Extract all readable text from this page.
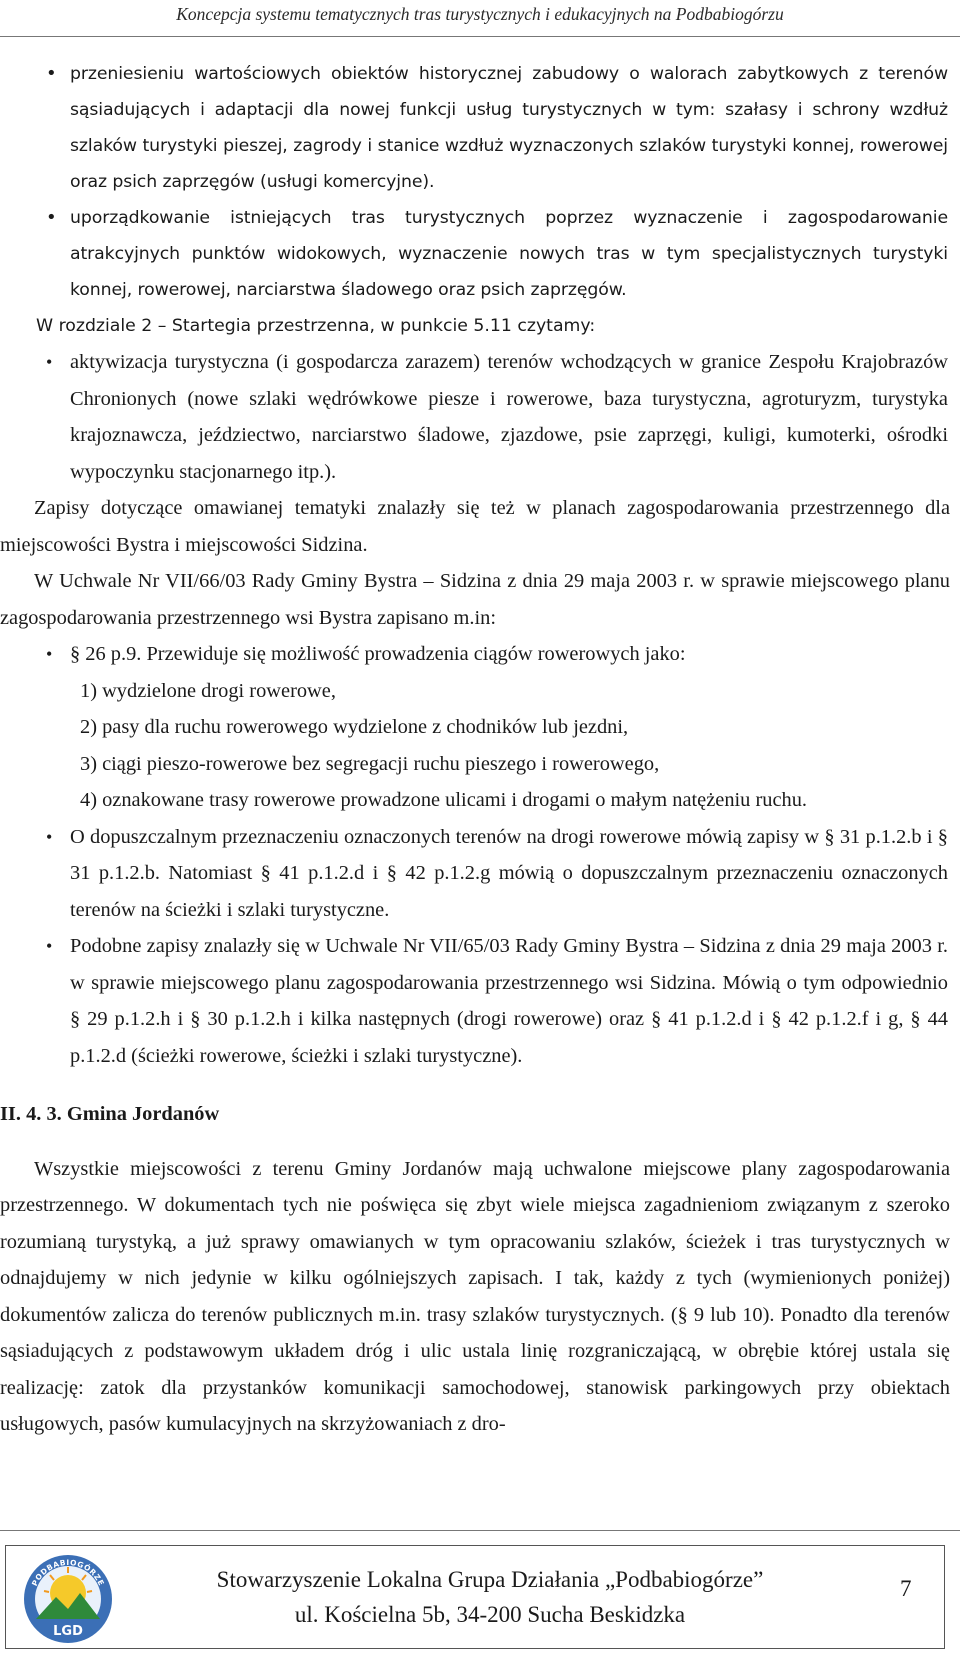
Koncepcja systemu tematycznych tras turystycznych i edukacyjnych na Podbabiogórzu

• przeniesieniu wartościowych obiektów historycznej zabudowy o walorach zabytkowych z terenów sąsiadujących i adaptacji dla nowej funkcji usług turystycznych w tym: szałasy i schrony wzdłuż szlaków turystyki pieszej, zagrody i stanice wzdłuż wyznaczonych szlaków turystyki konnej, rowerowej oraz psich zaprzęgów (usługi komercyjne).

• uporządkowanie istniejących tras turystycznych poprzez wyznaczenie i zagospodarowanie atrakcyjnych punktów widokowych, wyznaczenie nowych tras w tym specjalistycznych turystyki konnej, rowerowej, narciarstwa śladowego oraz psich zaprzęgów.

W rozdziale 2 – Startegia przestrzenna, w punkcie 5.11 czytamy:

• aktywizacja turystyczna (i gospodarcza zarazem) terenów wchodzących w granice Zespołu Krajobrazów Chronionych (nowe szlaki wędrówkowe piesze i rowerowe, baza turystyczna, agroturyzm, turystyka krajoznawcza, jeździectwo, narciarstwo śladowe, zjazdowe, psie zaprzęgi, kuligi, kumoterki, ośrodki wypoczynku stacjonarnego itp.).

Zapisy dotyczące omawianej tematyki znalazły się też w planach zagospodarowania przestrzennego dla miejscowości Bystra i miejscowości Sidzina.

W Uchwale Nr VII/66/03 Rady Gminy Bystra – Sidzina z dnia 29 maja 2003 r. w sprawie miejscowego planu zagospodarowania przestrzennego wsi Bystra zapisano m.in:

• § 26 p.9. Przewiduje się możliwość prowadzenia ciągów rowerowych jako:

1) wydzielone drogi rowerowe,

2) pasy dla ruchu rowerowego wydzielone z chodników lub jezdni,

3) ciągi pieszo-rowerowe bez segregacji ruchu pieszego i rowerowego,

4) oznakowane trasy rowerowe prowadzone ulicami i drogami o małym natężeniu ruchu.

• O dopuszczalnym przeznaczeniu oznaczonych terenów na drogi rowerowe mówią zapisy w § 31 p.1.2.b i § 31 p.1.2.b. Natomiast § 41 p.1.2.d i § 42 p.1.2.g mówią o dopuszczalnym przeznaczeniu oznaczonych terenów na ścieżki i szlaki turystyczne.

• Podobne zapisy znalazły się w Uchwale Nr VII/65/03 Rady Gminy Bystra – Sidzina z dnia 29 maja 2003 r. w sprawie miejscowego planu zagospodarowania przestrzennego wsi Sidzina. Mówią o tym odpowiednio § 29 p.1.2.h i § 30 p.1.2.h i kilka następnych (drogi rowerowe) oraz § 41 p.1.2.d i § 42 p.1.2.f i g, § 44 p.1.2.d (ścieżki rowerowe, ścieżki i szlaki turystyczne).

II. 4. 3. Gmina Jordanów

Wszystkie miejscowości z terenu Gminy Jordanów mają uchwalone miejscowe plany zagospodarowania przestrzennego. W dokumentach tych nie poświęca się zbyt wiele miejsca zagadnieniom związanym z szeroko rozumianą turystyką, a już sprawy omawianych w tym opracowaniu szlaków, ścieżek i tras turystycznych w odnajdujemy w nich jedynie w kilku ogólniejszych zapisach. I tak, każdy z tych (wymienionych poniżej) dokumentów zalicza do terenów publicznych m.in. trasy szlaków turystycznych. (§ 9 lub 10). Ponadto dla terenów sąsiadujących z podstawowym układem dróg i ulic ustala linię rozgraniczającą, w obrębie której ustala się realizację: zatok dla przystanków komunikacji samochodowej, stanowisk parkingowych przy obiektach usługowych, pasów kumulacyjnych na skrzyżowaniach z dro-

PODBABIOGÓRZE
LGD
Stowarzyszenie Lokalna Grupa Działania „Podbabiogórze”
ul. Kościelna 5b, 34-200 Sucha Beskidzka
7
